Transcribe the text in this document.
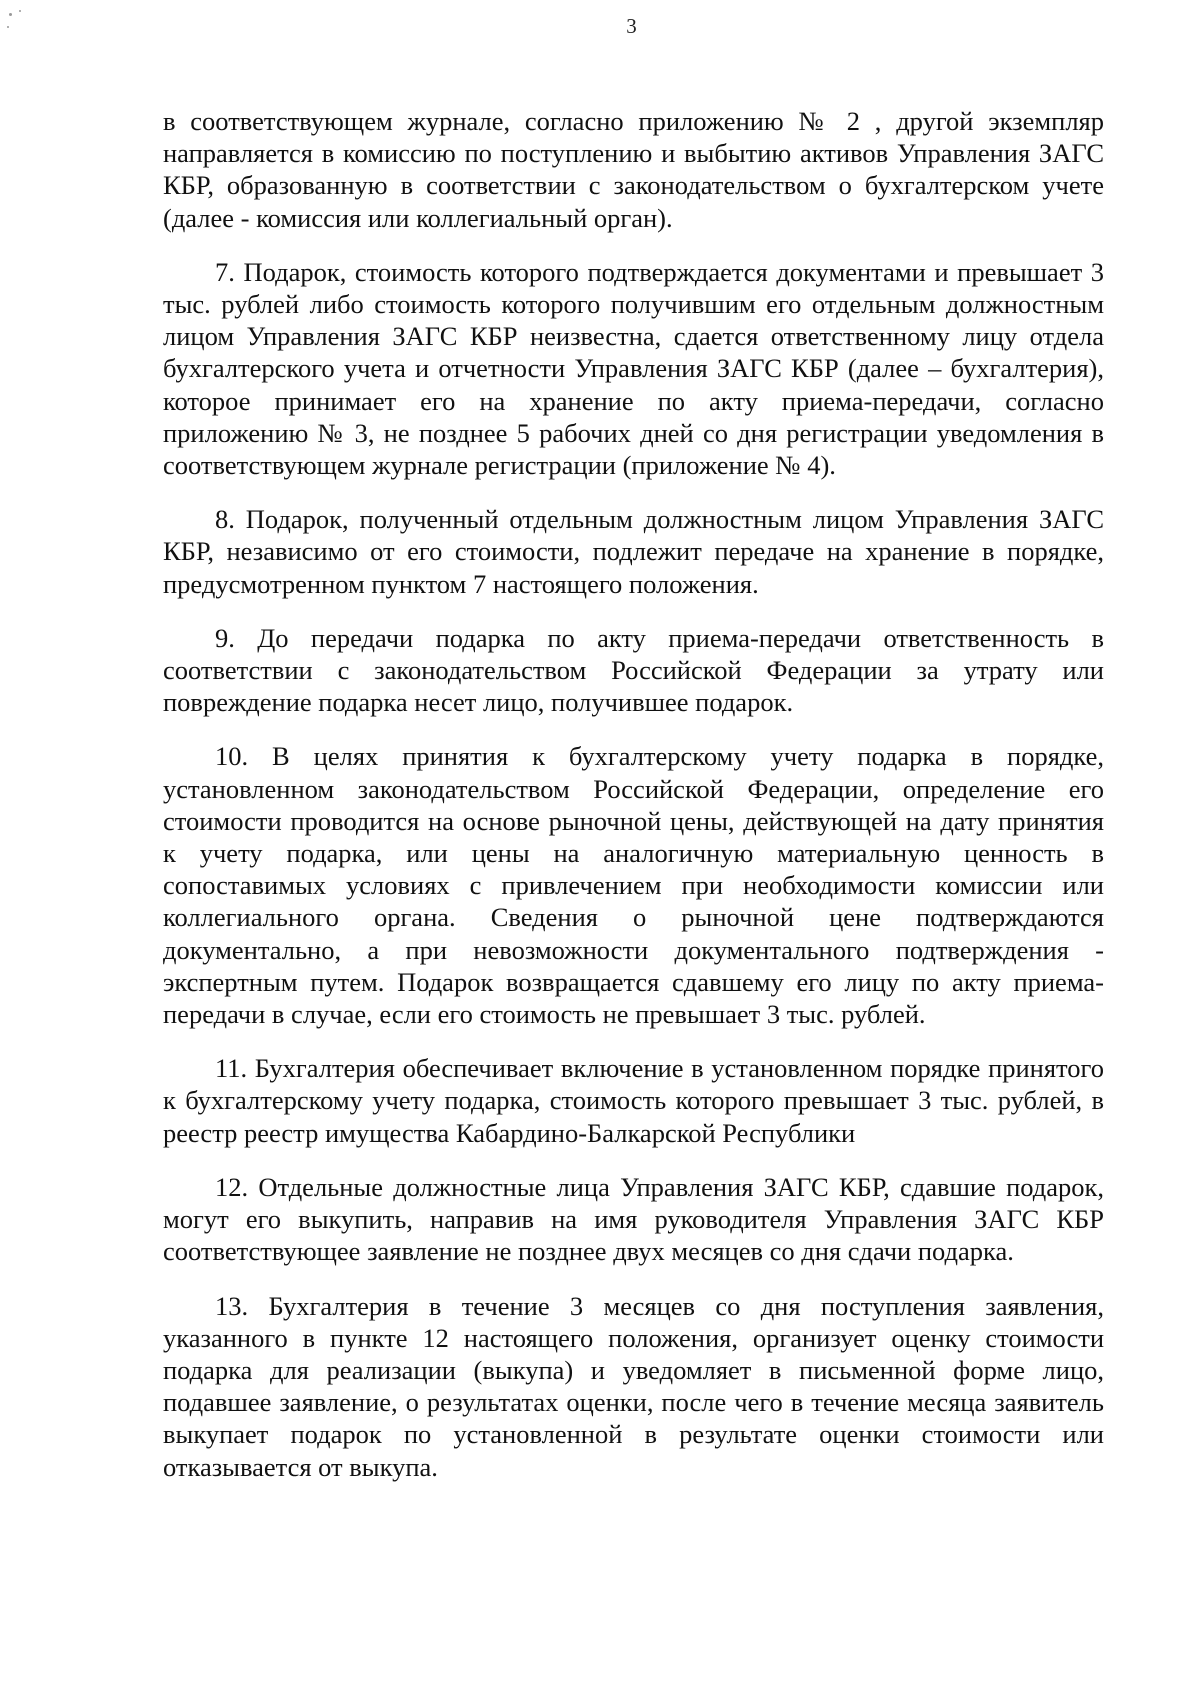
3

в соответствующем журнале, согласно приложению № 2 , другой экземпляр направляется в комиссию по поступлению и выбытию активов Управления ЗАГС КБР, образованную в соответствии с законодательством о бухгалтерском учете (далее - комиссия или коллегиальный орган).

7. Подарок, стоимость которого подтверждается документами и превышает 3 тыс. рублей либо стоимость которого получившим его отдельным должностным лицом Управления ЗАГС КБР неизвестна, сдается ответственному лицу отдела бухгалтерского учета и отчетности Управления ЗАГС КБР (далее – бухгалтерия), которое принимает его на хранение по акту приема-передачи, согласно приложению № 3, не позднее 5 рабочих дней со дня регистрации уведомления в соответствующем журнале регистрации (приложение № 4).

8. Подарок, полученный отдельным должностным лицом Управления ЗАГС КБР, независимо от его стоимости, подлежит передаче на хранение в порядке, предусмотренном пунктом 7 настоящего положения.

9. До передачи подарка по акту приема-передачи ответственность в соответствии с законодательством Российской Федерации за утрату или повреждение подарка несет лицо, получившее подарок.

10. В целях принятия к бухгалтерскому учету подарка в порядке, установленном законодательством Российской Федерации, определение его стоимости проводится на основе рыночной цены, действующей на дату принятия к учету подарка, или цены на аналогичную материальную ценность в сопоставимых условиях с привлечением при необходимости комиссии или коллегиального органа. Сведения о рыночной цене подтверждаются документально, а при невозможности документального подтверждения - экспертным путем. Подарок возвращается сдавшему его лицу по акту приема-передачи в случае, если его стоимость не превышает 3 тыс. рублей.

11. Бухгалтерия обеспечивает включение в установленном порядке принятого к бухгалтерскому учету подарка, стоимость которого превышает 3 тыс. рублей, в реестр реестр имущества Кабардино-Балкарской Республики

12. Отдельные должностные лица Управления ЗАГС КБР, сдавшие подарок, могут его выкупить, направив на имя руководителя Управления ЗАГС КБР соответствующее заявление не позднее двух месяцев со дня сдачи подарка.

13. Бухгалтерия в течение 3 месяцев со дня поступления заявления, указанного в пункте 12 настоящего положения, организует оценку стоимости подарка для реализации (выкупа) и уведомляет в письменной форме лицо, подавшее заявление, о результатах оценки, после чего в течение месяца заявитель выкупает подарок по установленной в результате оценки стоимости или отказывается от выкупа.
